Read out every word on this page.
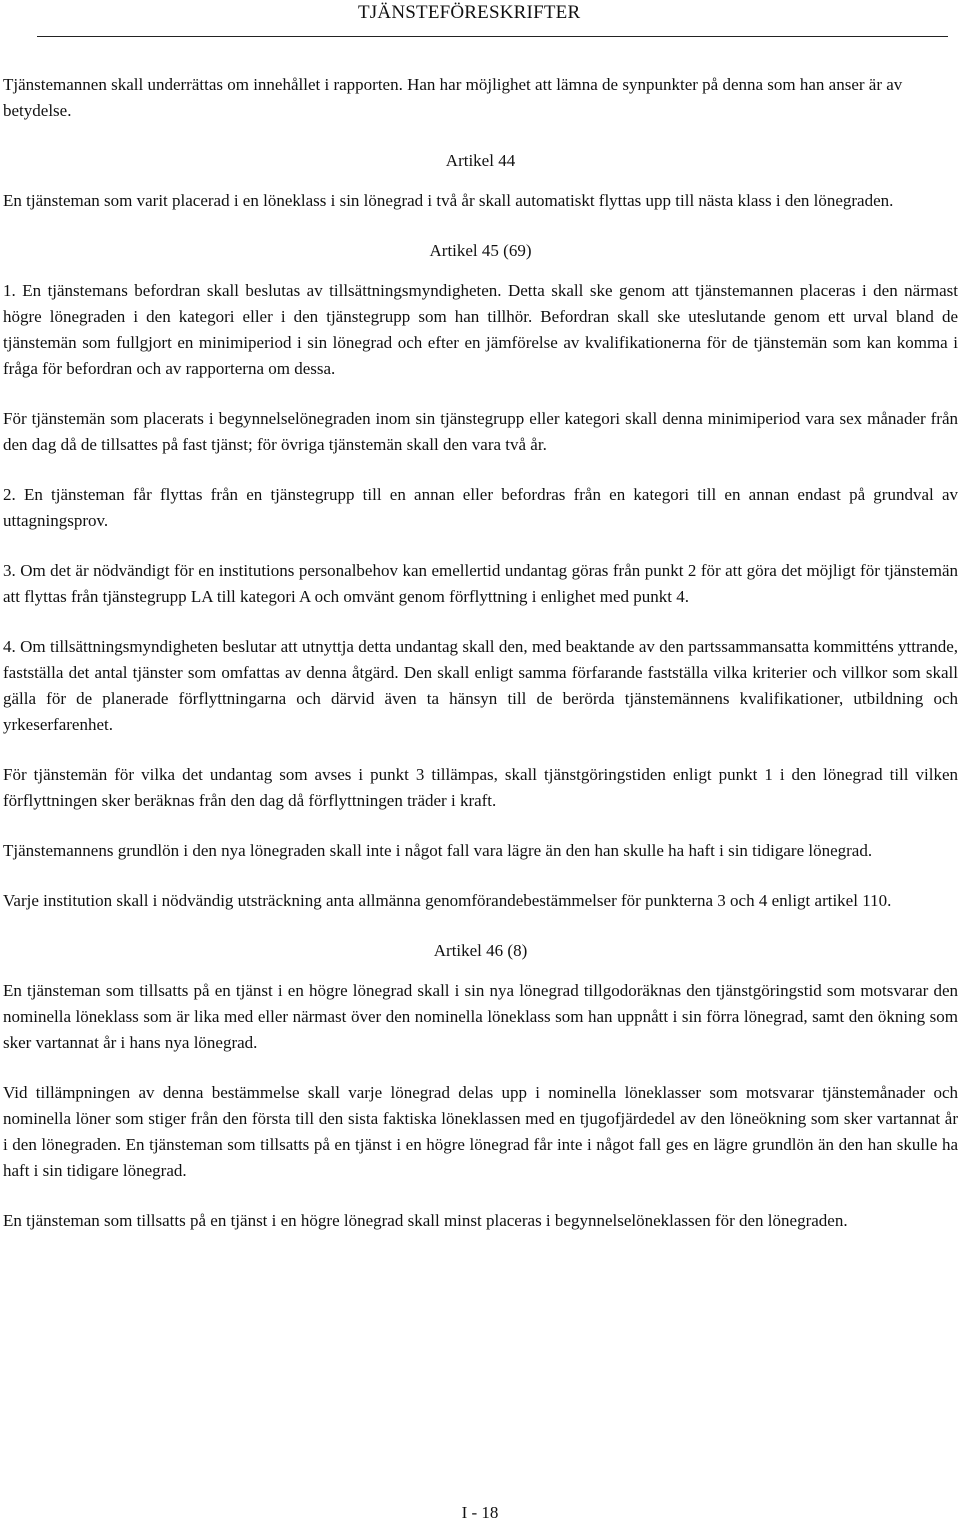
TJÄNSTEFÖRESKRIFTER

Tjänstemannen skall underrättas om innehållet i rapporten. Han har möjlighet att lämna de synpunkter på denna som han anser är av betydelse.

Artikel 44

En tjänsteman som varit placerad i en löneklass i sin lönegrad i två år skall automatiskt flyttas upp till nästa klass i den lönegraden.

Artikel 45 (69)

1. En tjänstemans befordran skall beslutas av tillsättningsmyndigheten. Detta skall ske genom att tjänstemannen placeras i den närmast högre lönegraden i den kategori eller i den tjänstegrupp som han tillhör. Befordran skall ske uteslutande genom ett urval bland de tjänstemän som fullgjort en minimiperiod i sin lönegrad och efter en jämförelse av kvalifikationerna för de tjänstemän som kan komma i fråga för befordran och av rapporterna om dessa.

För tjänstemän som placerats i begynnelselönegraden inom sin tjänstegrupp eller kategori skall denna minimiperiod vara sex månader från den dag då de tillsattes på fast tjänst; för övriga tjänstemän skall den vara två år.

2. En tjänsteman får flyttas från en tjänstegrupp till en annan eller befordras från en kategori till en annan endast på grundval av uttagningsprov.

3. Om det är nödvändigt för en institutions personalbehov kan emellertid undantag göras från punkt 2 för att göra det möjligt för tjänstemän att flyttas från tjänstegrupp LA till kategori A och omvänt genom förflyttning i enlighet med punkt 4.

4. Om tillsättningsmyndigheten beslutar att utnyttja detta undantag skall den, med beaktande av den partssammansatta kommitténs yttrande, fastställa det antal tjänster som omfattas av denna åtgärd. Den skall enligt samma förfarande fastställa vilka kriterier och villkor som skall gälla för de planerade förflyttningarna och därvid även ta hänsyn till de berörda tjänstemännens kvalifikationer, utbildning och yrkeserfarenhet.

För tjänstemän för vilka det undantag som avses i punkt 3 tillämpas, skall tjänstgöringstiden enligt punkt 1 i den lönegrad till vilken förflyttningen sker beräknas från den dag då förflyttningen träder i kraft.

Tjänstemannens grundlön i den nya lönegraden skall inte i något fall vara lägre än den han skulle ha haft i sin tidigare lönegrad.

Varje institution skall i nödvändig utsträckning anta allmänna genomförandebestämmelser för punkterna 3 och 4 enligt artikel 110.

Artikel 46 (8)

En tjänsteman som tillsatts på en tjänst i en högre lönegrad skall i sin nya lönegrad tillgodoräknas den tjänstgöringstid som motsvarar den nominella löneklass som är lika med eller närmast över den nominella löneklass som han uppnått i sin förra lönegrad, samt den ökning som sker vartannat år i hans nya lönegrad.

Vid tillämpningen av denna bestämmelse skall varje lönegrad delas upp i nominella löneklasser som motsvarar tjänstemånader och nominella löner som stiger från den första till den sista faktiska löneklassen med en tjugofjärdedel av den löneökning som sker vartannat år i den lönegraden. En tjänsteman som tillsatts på en tjänst i en högre lönegrad får inte i något fall ges en lägre grundlön än den han skulle ha haft i sin tidigare lönegrad.

En tjänsteman som tillsatts på en tjänst i en högre lönegrad skall minst placeras i begynnelselöneklassen för den lönegraden.

I - 18
